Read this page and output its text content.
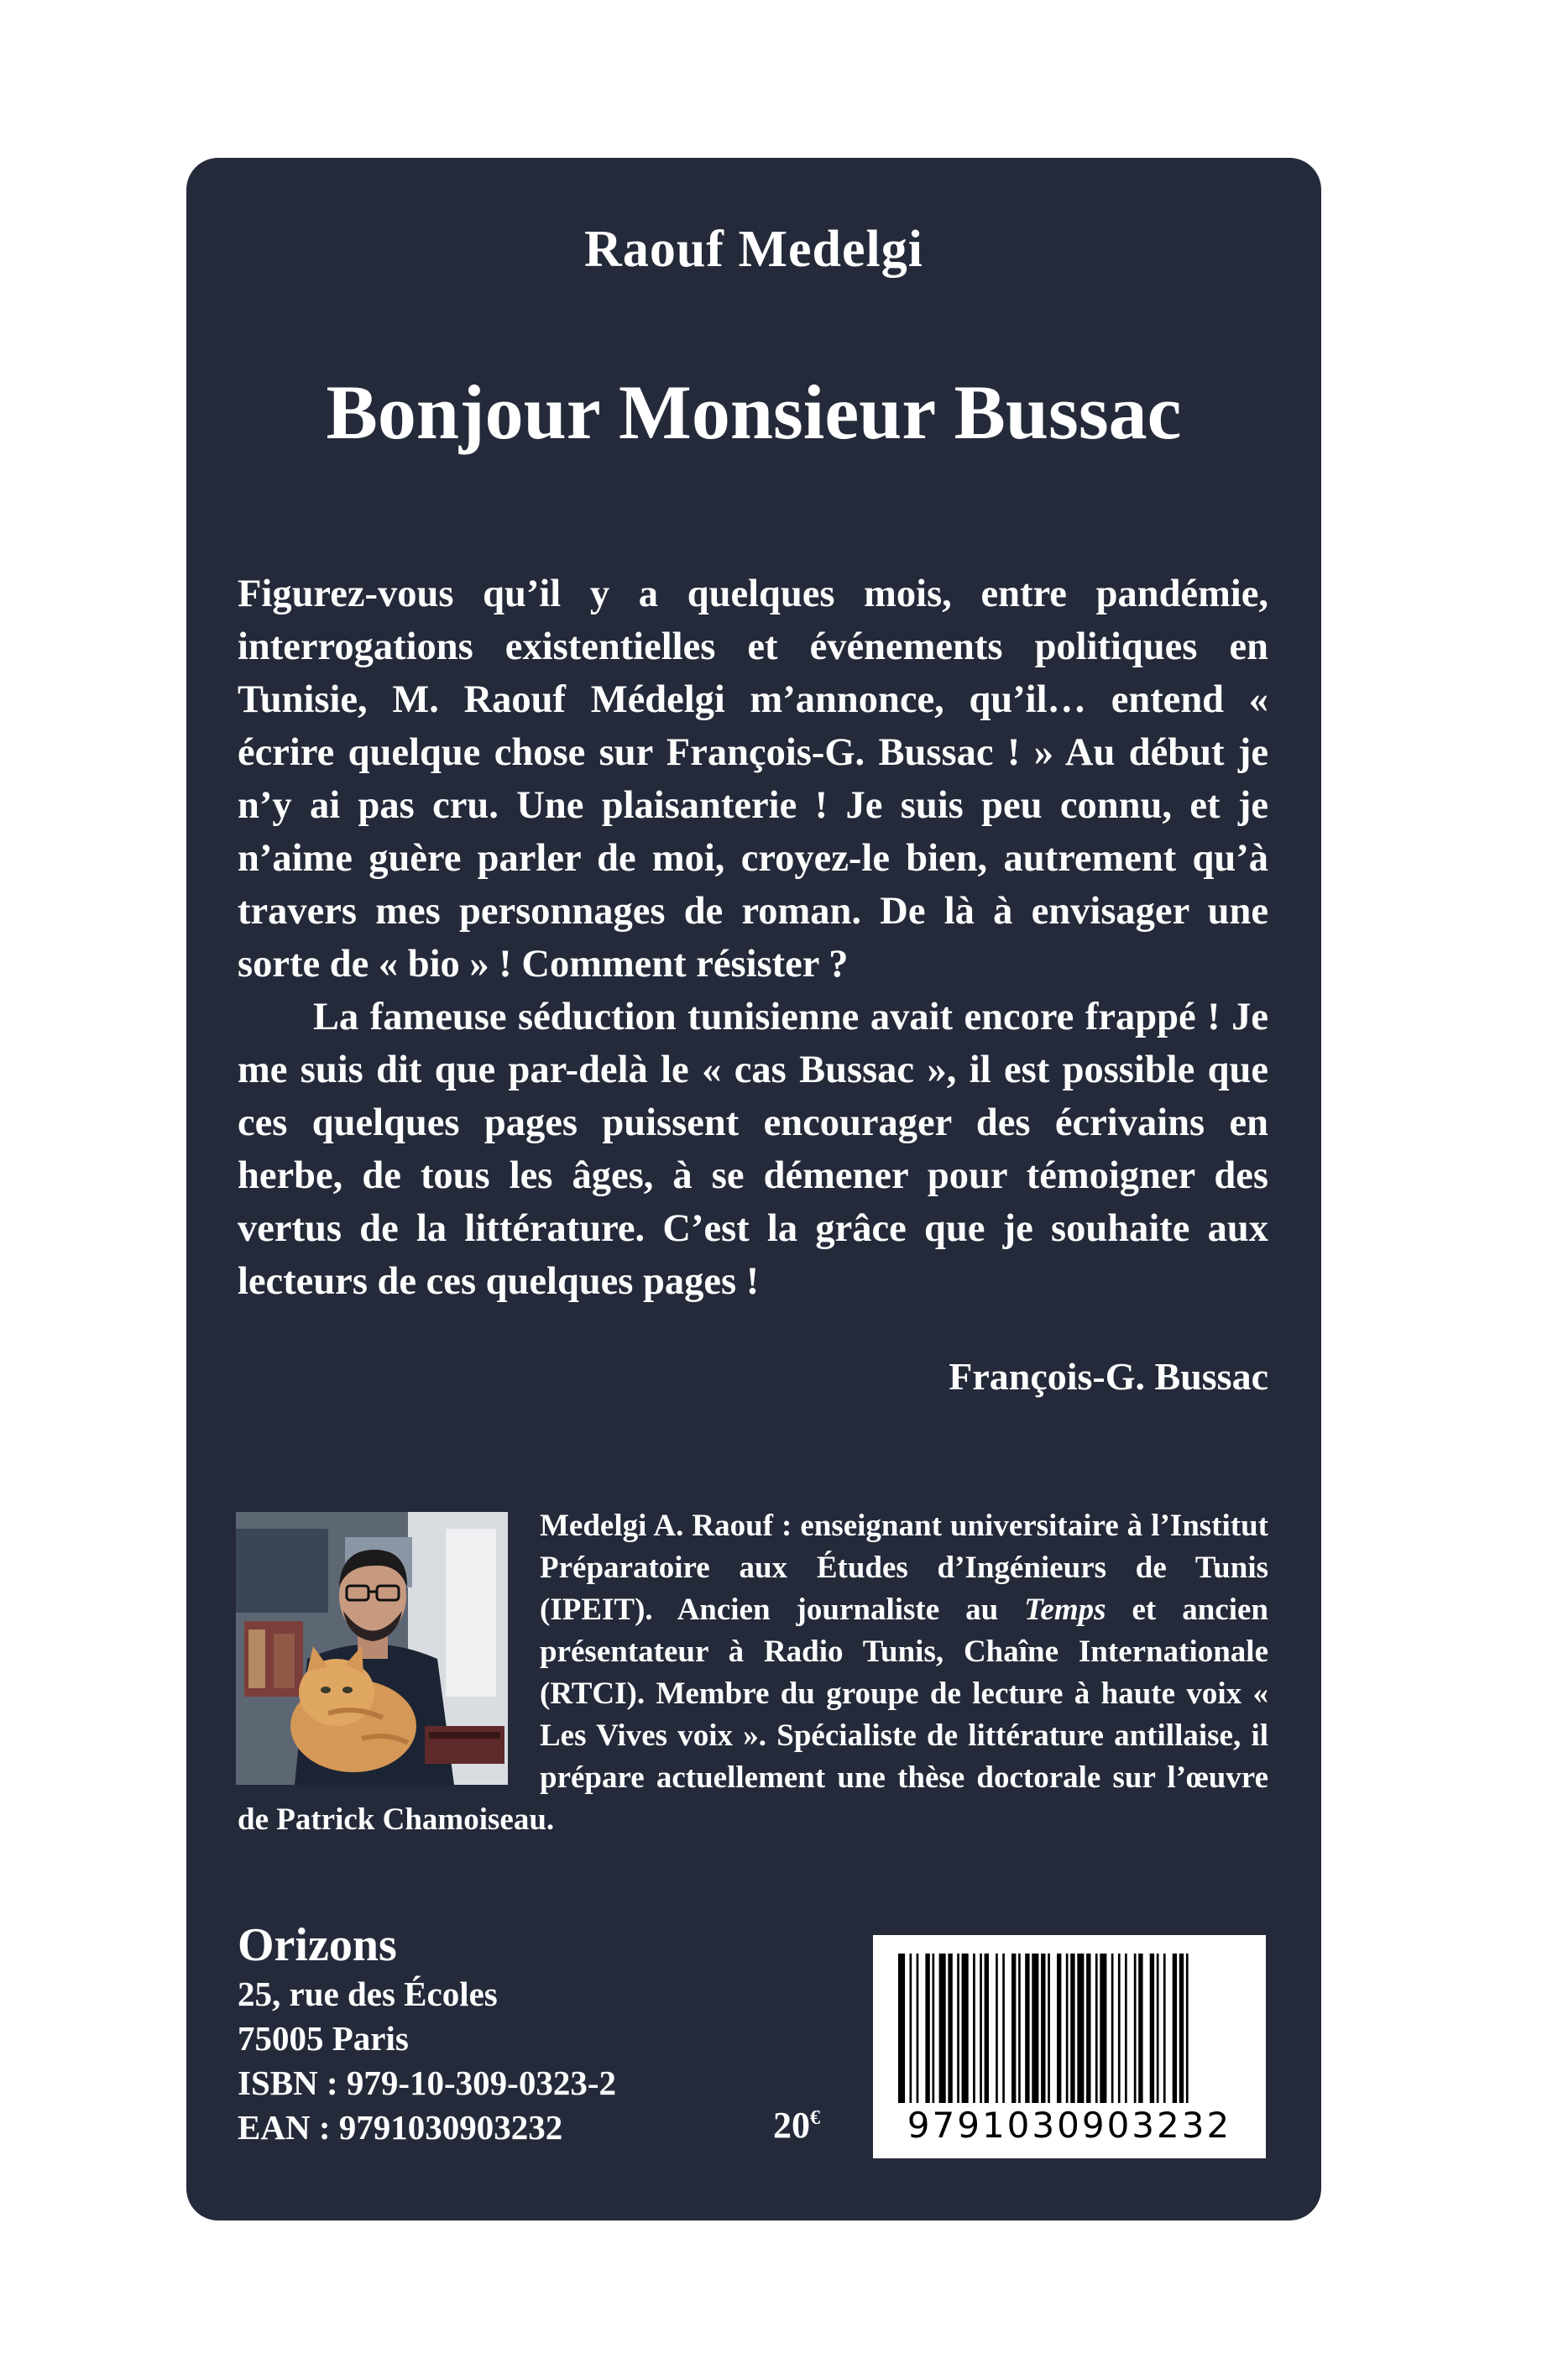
Raouf Medelgi
Bonjour Monsieur Bussac

Figurez-vous qu’il y a quelques mois, entre pandémie, interrogations existentielles et événements politiques en Tunisie, M. Raouf Médelgi m’annonce, qu’il… entend « écrire quelque chose sur François-G. Bussac ! » Au début je n’y ai pas cru. Une plaisanterie ! Je suis peu connu, et je n’aime guère parler de moi, croyez-le bien, autrement qu’à travers mes personnages de roman. De là à envisager une sorte de « bio » ! Comment résister ?

La fameuse séduction tunisienne avait encore frappé ! Je me suis dit que par-delà le « cas Bussac », il est possible que ces quelques pages puissent encourager des écrivains en herbe, de tous les âges, à se démener pour témoigner des vertus de la littérature. C’est la grâce que je souhaite aux lecteurs de ces quelques pages !

François-G. Bussac
Medelgi A. Raouf : enseignant universitaire à l’Institut Préparatoire aux Études d’Ingénieurs de Tunis (IPEIT). Ancien journaliste au Temps et ancien présentateur à Radio Tunis, Chaîne Internationale (RTCI). Membre du groupe de lecture à haute voix « Les Vives voix ». Spécialiste de littérature antillaise, il prépare actuellement une thèse doctorale sur l’œuvre de Patrick Chamoiseau.
Orizons
25, rue des Écoles
75005 Paris
ISBN : 979-10-309-0323-2
EAN : 9791030903232	20€	9791030903232
